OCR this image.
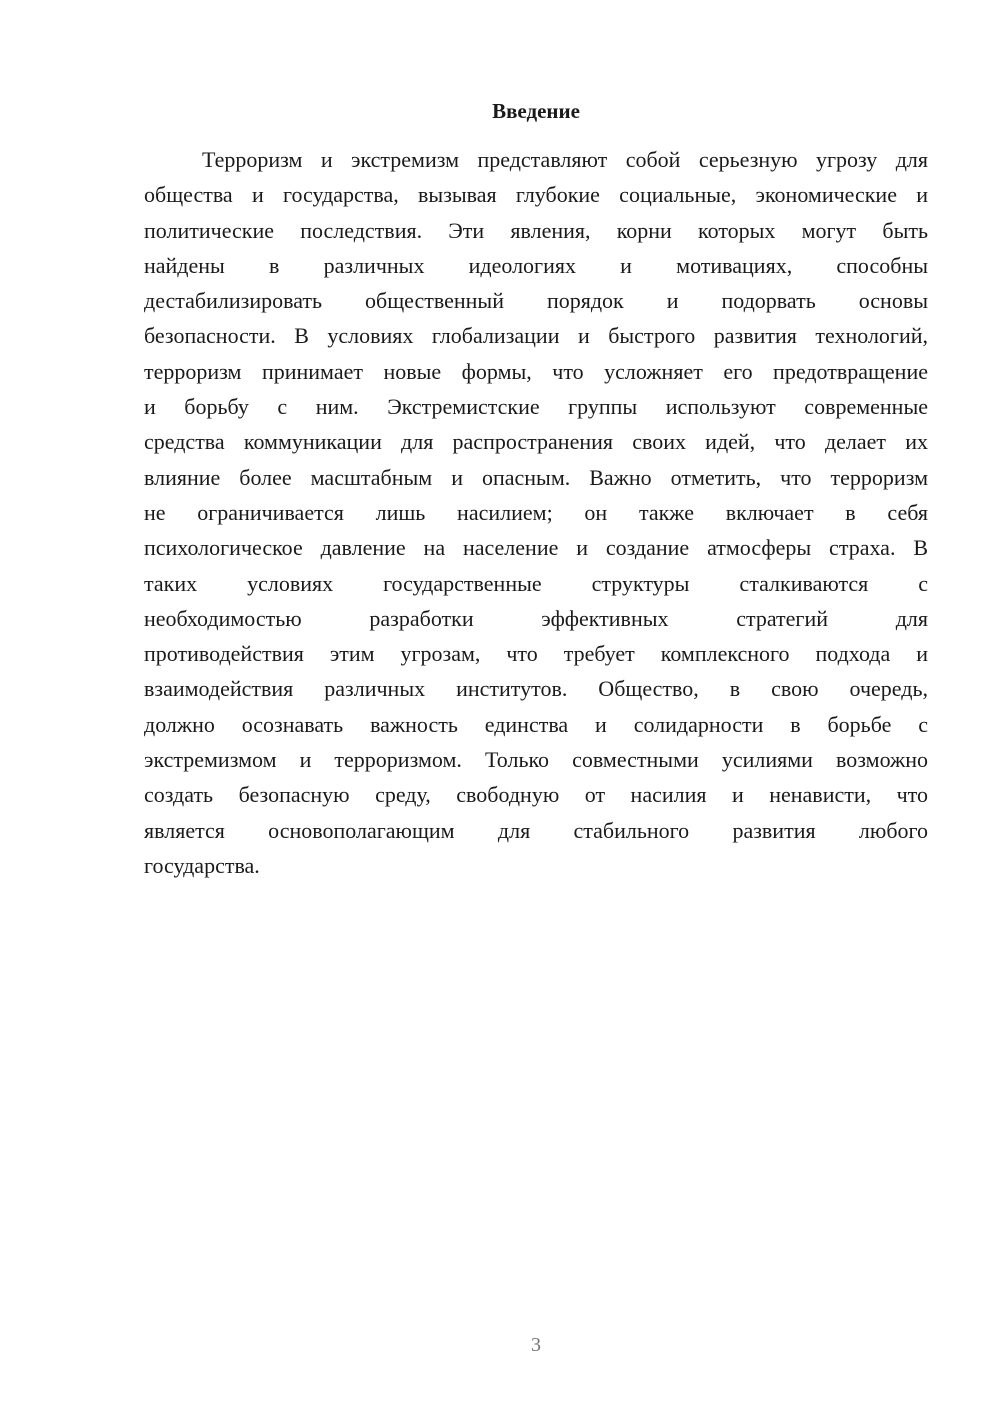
Введение
Терроризм и экстремизм представляют собой серьезную угрозу для
общества и государства, вызывая глубокие социальные, экономические и
политические последствия. Эти явления, корни которых могут быть
найдены в различных идеологиях и мотивациях, способны
дестабилизировать общественный порядок и подорвать основы
безопасности. В условиях глобализации и быстрого развития технологий,
терроризм принимает новые формы, что усложняет его предотвращение
и борьбу с ним. Экстремистские группы используют современные
средства коммуникации для распространения своих идей, что делает их
влияние более масштабным и опасным. Важно отметить, что терроризм
не ограничивается лишь насилием; он также включает в себя
психологическое давление на население и создание атмосферы страха. В
таких условиях государственные структуры сталкиваются с
необходимостью разработки эффективных стратегий для
противодействия этим угрозам, что требует комплексного подхода и
взаимодействия различных институтов. Общество, в свою очередь,
должно осознавать важность единства и солидарности в борьбе с
экстремизмом и терроризмом. Только совместными усилиями возможно
создать безопасную среду, свободную от насилия и ненависти, что
является основополагающим для стабильного развития любого
государства.
3
